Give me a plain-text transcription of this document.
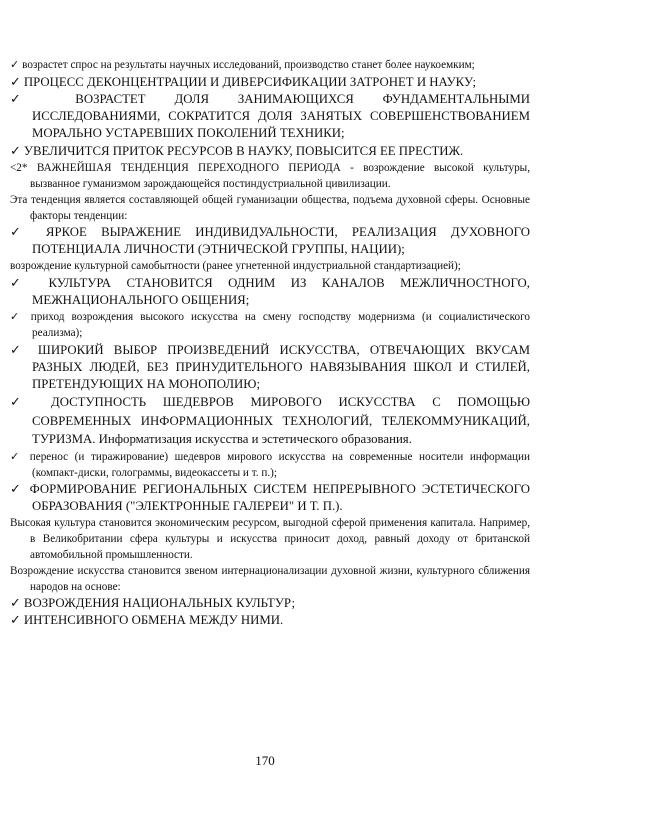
✓ возрастет спрос на результаты научных исследований, производство станет более наукоемким;

✓ ПРОЦЕСС ДЕКОНЦЕНТРАЦИИ И ДИВЕРСИФИКАЦИИ ЗАТРОНЕТ И НАУКУ;

✓ ВОЗРАСТЕТ ДОЛЯ ЗАНИМАЮЩИХСЯ ФУНДАМЕНТАЛЬНЫМИ ИССЛЕДОВАНИЯМИ, СОКРАТИТСЯ ДОЛЯ ЗАНЯТЫХ СОВЕРШЕНСТВОВАНИЕМ МОРАЛЬНО УСТАРЕВШИХ ПОКОЛЕНИЙ ТЕХНИКИ;

✓ УВЕЛИЧИТСЯ ПРИТОК РЕСУРСОВ В НАУКУ, ПОВЫСИТСЯ ЕЕ ПРЕСТИЖ.

<2* ВАЖНЕЙШАЯ ТЕНДЕНЦИЯ ПЕРЕХОДНОГО ПЕРИОДА - возрождение высокой культуры, вызванное гуманизмом зарождающейся постиндустриальной цивилизации.

Эта тенденция является составляющей общей гуманизации общества, подъема духовной сферы. Основные факторы тенденции:

✓ ЯРКОЕ ВЫРАЖЕНИЕ ИНДИВИДУАЛЬНОСТИ, РЕАЛИЗАЦИЯ ДУХОВНОГО ПОТЕНЦИАЛА ЛИЧНОСТИ (ЭТНИЧЕСКОЙ ГРУППЫ, НАЦИИ);

возрождение культурной самобытности (ранее угнетенной индустриальной стандартизацией);

✓ КУЛЬТУРА СТАНОВИТСЯ ОДНИМ ИЗ КАНАЛОВ МЕЖЛИЧНОСТНОГО, МЕЖНАЦИОНАЛЬНОГО ОБЩЕНИЯ;

✓ приход возрождения высокого искусства на смену господству модернизма (и социалистического реализма);

✓ ШИРОКИЙ ВЫБОР ПРОИЗВЕДЕНИЙ ИСКУССТВА, ОТВЕЧАЮЩИХ ВКУСАМ РАЗНЫХ ЛЮДЕЙ, БЕЗ ПРИНУДИТЕЛЬНОГО НАВЯЗЫВАНИЯ ШКОЛ И СТИЛЕЙ, ПРЕТЕНДУЮЩИХ НА МОНОПОЛИЮ;

✓ ДОСТУПНОСТЬ ШЕДЕВРОВ МИРОВОГО ИСКУССТВА С ПОМОЩЬЮ СОВРЕМЕННЫХ ИНФОРМАЦИОННЫХ ТЕХНОЛОГИЙ, ТЕЛЕКОММУНИКАЦИЙ, ТУРИЗМА. Информатизация искусства и эстетического образования.

✓ перенос (и тиражирование) шедевров мирового искусства на современные носители информации (компакт-диски, голограммы, видеокассеты и т. п.);

✓ ФОРМИРОВАНИЕ РЕГИОНАЛЬНЫХ СИСТЕМ НЕПРЕРЫВНОГО ЭСТЕТИЧЕСКОГО ОБРАЗОВАНИЯ ("ЭЛЕКТРОННЫЕ ГАЛЕРЕИ" И Т. П.).

Высокая культура становится экономическим ресурсом, выгодной сферой применения капитала. Например, в Великобритании сфера культуры и искусства приносит доход, равный доходу от британской автомобильной промышленности.

Возрождение искусства становится звеном интернационализации духовной жизни, культурного сближения народов на основе:

✓ ВОЗРОЖДЕНИЯ НАЦИОНАЛЬНЫХ КУЛЬТУР;

✓ ИНТЕНСИВНОГО ОБМЕНА МЕЖДУ НИМИ.

170
